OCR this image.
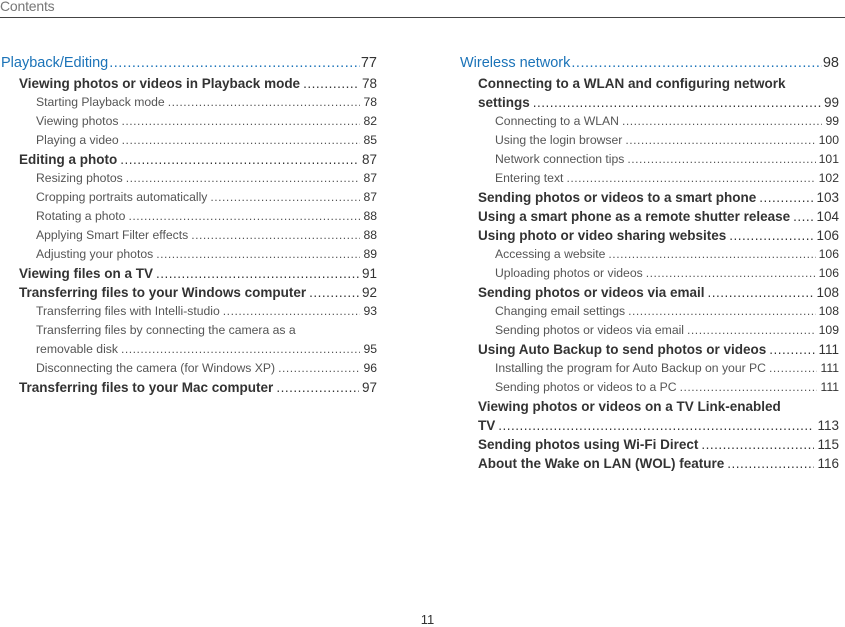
Contents
Playback/Editing .....	77
Viewing photos or videos in Playback mode .....	78
Starting Playback mode .....	78
Viewing photos .....	82
Playing a video .....	85
Editing a photo .....	87
Resizing photos .....	87
Cropping portraits automatically .....	87
Rotating a photo .....	88
Applying Smart Filter effects .....	88
Adjusting your photos .....	89
Viewing files on a TV .....	91
Transferring files to your Windows computer .....	92
Transferring files with Intelli-studio .....	93
Transferring files by connecting the camera as a
removable disk .....	95
Disconnecting the camera (for Windows XP) .....	96
Transferring files to your Mac computer .....	97
Wireless network .....	98
Connecting to a WLAN and configuring network
settings .....	99
Connecting to a WLAN .....	99
Using the login browser .....	100
Network connection tips .....	101
Entering text .....	102
Sending photos or videos to a smart phone .....	103
Using a smart phone as a remote shutter release ..... 104
Using photo or video sharing websites .....	106
Accessing a website .....	106
Uploading photos or videos .....	106
Sending photos or videos via email .....	108
Changing email settings .....	108
Sending photos or videos via email .....	109
Using Auto Backup to send photos or videos .....	111
Installing the program for Auto Backup on your PC .....	111
Sending photos or videos to a PC .....	111
Viewing photos or videos on a TV Link-enabled
TV .....	113
Sending photos using Wi-Fi Direct .....	115
About the Wake on LAN (WOL) feature .....	116
11
